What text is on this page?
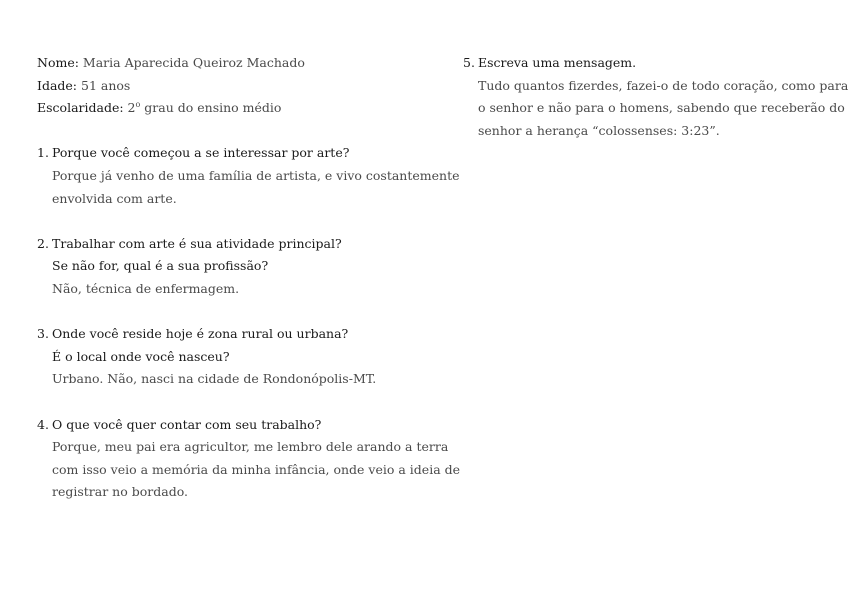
Nome: Maria Aparecida Queiroz Machado
Idade: 51 anos
Escolaridade: 2$^o$ grau do ensino médio
1. Porque você começou a se interessar por arte?
Porque já venho de uma família de artista, e vivo costantemente
envolvida com arte.
2. Trabalhar com arte é sua atividade principal?
Se não for, qual é a sua profissão?
Não, técnica de enfermagem.
3. Onde você reside hoje é zona rural ou urbana?
É o local onde você nasceu?
Urbano. Não, nasci na cidade de Rondonópolis-MT.
4. O que você quer contar com seu trabalho?
Porque, meu pai era agricultor, me lembro dele arando a terra
com isso veio a memória da minha infância, onde veio a ideia de
registrar no bordado.
5. Escreva uma mensagem.
Tudo quantos fizerdes, fazei-o de todo coração, como para
o senhor e não para o homens, sabendo que receberão do
senhor a herança “colossenses: 3:23”.
